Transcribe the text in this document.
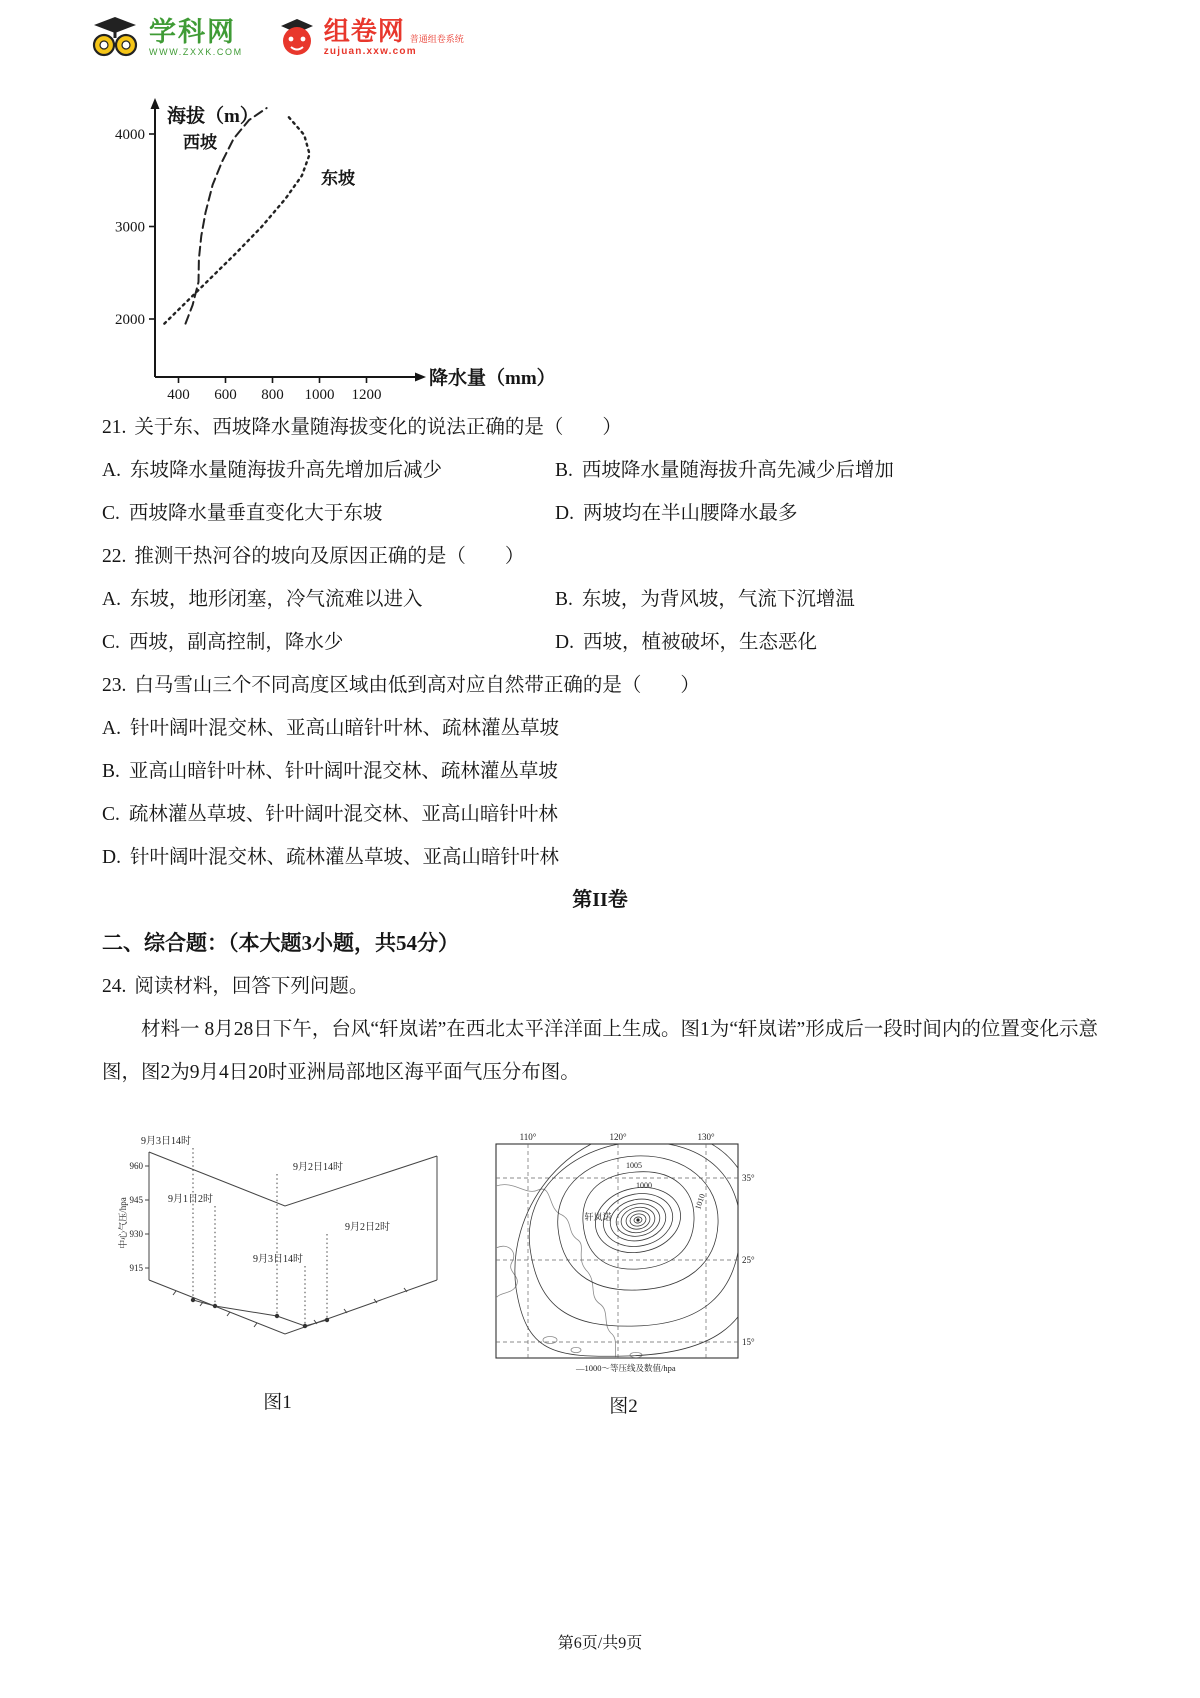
学科网
WWW.ZXXK.COM
组卷网 普通组卷系统
zujuan.xxw.com
海拔（m）
降水量（mm）
西坡
东坡
400 600 800 1000 1200
2000
3000
4000
21. 关于东、西坡降水量随海拔变化的说法正确的是（　　）
A. 东坡降水量随海拔升高先增加后减少	B. 西坡降水量随海拔升高先减少后增加
C. 西坡降水量垂直变化大于东坡	D. 两坡均在半山腰降水最多
22. 推测干热河谷的坡向及原因正确的是（　　）
A. 东坡，地形闭塞，冷气流难以进入	B. 东坡，为背风坡，气流下沉增温
C. 西坡，副高控制，降水少	D. 西坡，植被破坏，生态恶化
23. 白马雪山三个不同高度区域由低到高对应自然带正确的是（　　）
A. 针叶阔叶混交林、亚高山暗针叶林、疏林灌丛草坡
B. 亚高山暗针叶林、针叶阔叶混交林、疏林灌丛草坡
C. 疏林灌丛草坡、针叶阔叶混交林、亚高山暗针叶林
D. 针叶阔叶混交林、疏林灌丛草坡、亚高山暗针叶林
第II卷
二、综合题：（本大题3小题，共54分）
24. 阅读材料，回答下列问题。
材料一 8月28日下午，台风“轩岚诺”在西北太平洋洋面上生成。图1为“轩岚诺”形成后一段时间内的位置变化示意图，图2为9月4日20时亚洲局部地区海平面气压分布图。
960
945
930
915
中心气压/hpa
9月3日14时
9月2日14时
9月1日2时
9月2日2时
9月3日14时
图1
110°	120°	130°
35°
25°
15°
1005
1000
1010
轩岚诺
—1000～等压线及数值/hpa
图2
第6页/共9页
